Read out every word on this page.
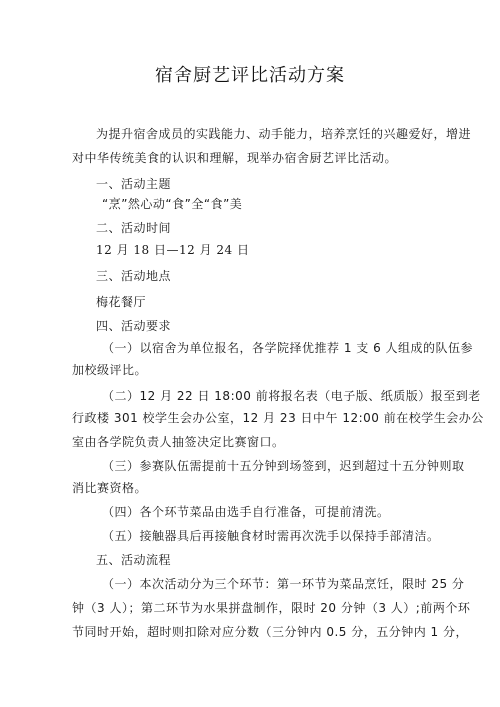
宿舍厨艺评比活动方案
为提升宿舍成员的实践能力、动手能力，培养烹饪的兴趣爱好，增进
对中华传统美食的认识和理解，现举办宿舍厨艺评比活动。
一、活动主题
“烹”然心动“食”全“食”美
二、活动时间
12 月 18 日—12 月 24 日
三、活动地点
梅花餐厅
四、活动要求
（一）以宿舍为单位报名，各学院择优推荐 1 支 6 人组成的队伍参
加校级评比。
（二）12 月 22 日 18:00 前将报名表（电子版、纸质版）报至到老
行政楼 301 校学生会办公室，12 月 23 日中午 12:00 前在校学生会办公
室由各学院负责人抽签决定比赛窗口。
（三）参赛队伍需提前十五分钟到场签到，迟到超过十五分钟则取
消比赛资格。
（四）各个环节菜品由选手自行准备，可提前清洗。
（五）接触器具后再接触食材时需再次洗手以保持手部清洁。
五、活动流程
（一）本次活动分为三个环节：第一环节为菜品烹饪，限时 25 分
钟（3 人）；第二环节为水果拼盘制作，限时 20 分钟（3 人）;前两个环
节同时开始，超时则扣除对应分数（三分钟内 0.5 分，五分钟内 1 分，
